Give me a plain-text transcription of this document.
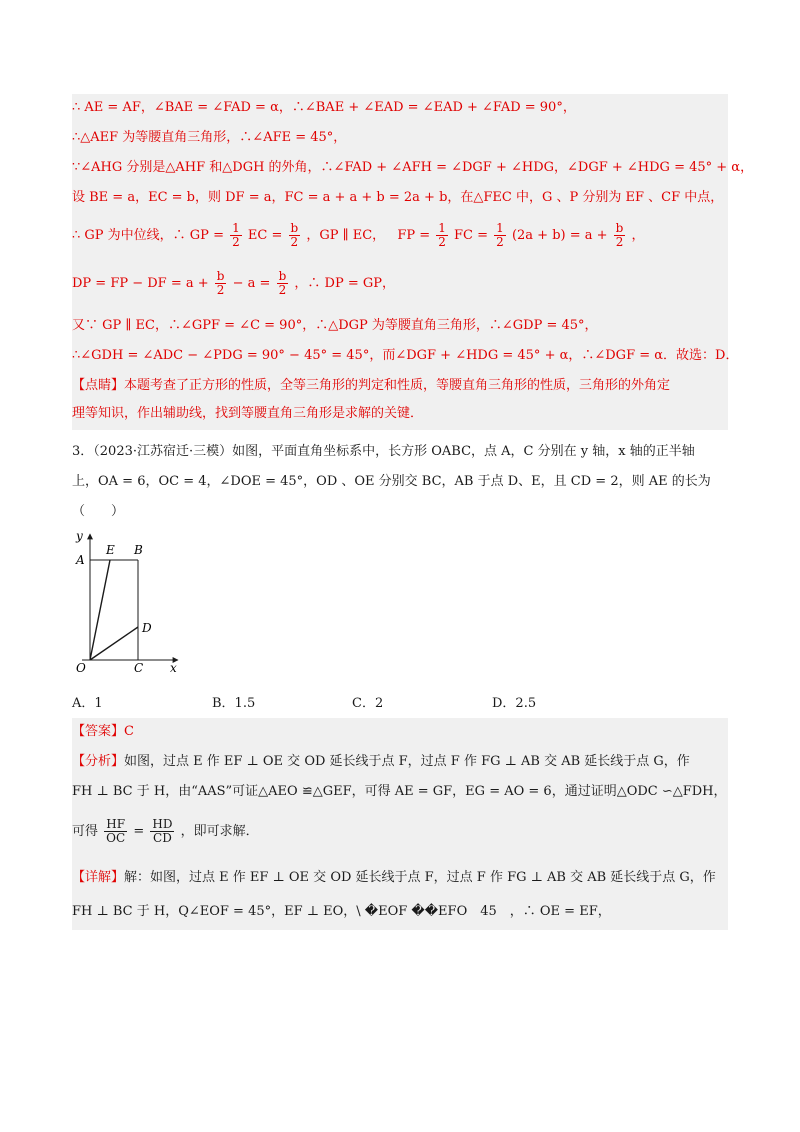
∴ AE = AF，∠BAE = ∠FAD = α，∴∠BAE + ∠EAD = ∠EAD + ∠FAD = 90°，
∴△AEF 为等腰直角三角形，∴∠AFE = 45°，
∵∠AHG 分别是△AHF 和△DGH 的外角，∴∠FAD + ∠AFH = ∠DGF + ∠HDG，∠DGF + ∠HDG = 45° + α，
设 BE = a，EC = b，则 DF = a，FC = a + a + b = 2a + b，在△FEC 中，G 、P 分别为 EF 、CF 中点，
∴ GP 为中位线，∴ GP = $\frac{1}{2}$ EC = $\frac{b}{2}$ ，GP ∥ EC， FP = $\frac{1}{2}$ FC = $\frac{1}{2} (2a + b) = a + \frac{b}{2}$ ，
DP = FP − DF = $a + \frac{b}{2} - a = \frac{b}{2}$ ，∴ DP = GP，
又∵ GP ∥ EC，∴∠GPF = ∠C = 90°，∴△DGP 为等腰直角三角形，∴∠GDP = 45°，
∴∠GDH = ∠ADC − ∠PDG = 90° − 45° = 45°，而∠DGF + ∠HDG = 45° + α，∴∠DGF = α．故选：D．
【点睛】本题考查了正方形的性质，全等三角形的判定和性质，等腰直角三角形的性质，三角形的外角定
理等知识，作出辅助线，找到等腰直角三角形是求解的关键．
3．（2023·江苏宿迁·三模）如图，平面直角坐标系中，长方形 OABC，点 A，C 分别在 y 轴，x 轴的正半轴
上，OA = 6，OC = 4，∠DOE = 45°，OD 、OE 分别交 BC，AB 于点 D、E，且 CD = 2，则 AE 的长为
（　　）
y
E B
A
D
O	C x
A．1	B．1.5	C．2	D．2.5
【答案】C
【分析】如图，过点 E 作 EF ⊥ OE 交 OD 延长线于点 F，过点 F 作 FG ⊥ AB 交 AB 延长线于点 G，作
FH ⊥ BC 于 H，由“AAS”可证△AEO ≌△GEF，可得 AE = GF，EG = AO = 6，通过证明△ODC ∽△FDH，
可得 $\frac{HF}{OC} = \frac{HD}{CD}$ ，即可求解．
【详解】解：如图，过点 E 作 EF ⊥ OE 交 OD 延长线于点 F，过点 F 作 FG ⊥ AB 交 AB 延长线于点 G，作
FH ⊥ BC 于 H，Q∠EOF = 45°，EF ⊥ EO，\ �EOF ��EFO　45　，∴ OE = EF，
